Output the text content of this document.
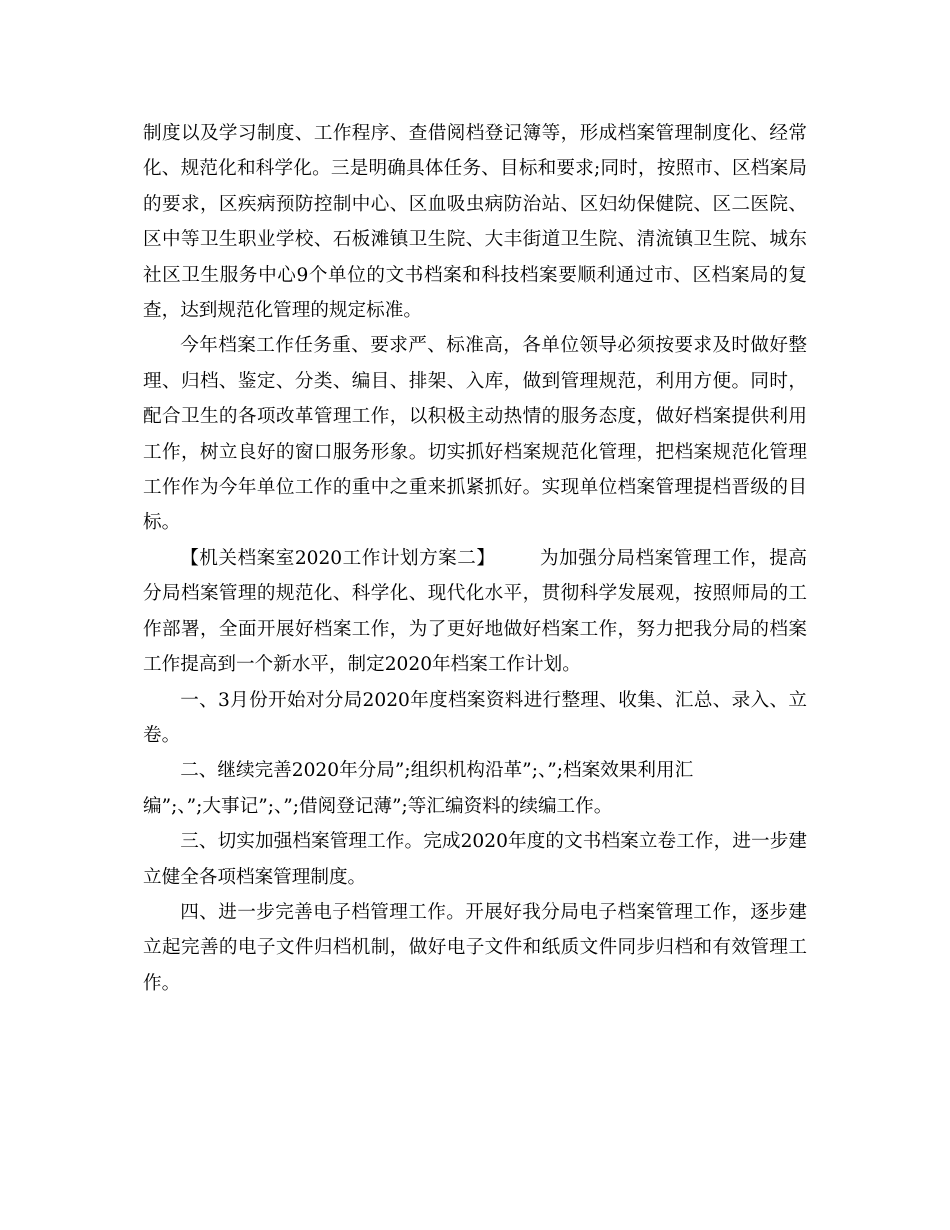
制度以及学习制度、工作程序、查借阅档登记簿等，形成档案管理制度化、经常化、规范化和科学化。三是明确具体任务、目标和要求;同时，按照市、区档案局的要求，区疾病预防控制中心、区血吸虫病防治站、区妇幼保健院、区二医院、区中等卫生职业学校、石板滩镇卫生院、大丰街道卫生院、清流镇卫生院、城东社区卫生服务中心9个单位的文书档案和科技档案要顺利通过市、区档案局的复查，达到规范化管理的规定标准。

今年档案工作任务重、要求严、标准高，各单位领导必须按要求及时做好整理、归档、鉴定、分类、编目、排架、入库，做到管理规范，利用方便。同时，配合卫生的各项改革管理工作，以积极主动热情的服务态度，做好档案提供利用工作，树立良好的窗口服务形象。切实抓好档案规范化管理，把档案规范化管理工作作为今年单位工作的重中之重来抓紧抓好。实现单位档案管理提档晋级的目标。

【机关档案室2020工作计划方案二】 为加强分局档案管理工作，提高分局档案管理的规范化、科学化、现代化水平，贯彻科学发展观，按照师局的工作部署，全面开展好档案工作，为了更好地做好档案工作，努力把我分局的档案工作提高到一个新水平，制定2020年档案工作计划。

一、3月份开始对分局2020年度档案资料进行整理、收集、汇总、录入、立卷。

二、继续完善2020年分局”;组织机构沿革”;、”;档案效果利用汇
编”;、”;大事记”;、”;借阅登记薄”;等汇编资料的续编工作。

三、切实加强档案管理工作。完成2020年度的文书档案立卷工作，进一步建立健全各项档案管理制度。

四、进一步完善电子档管理工作。开展好我分局电子档案管理工作，逐步建立起完善的电子文件归档机制，做好电子文件和纸质文件同步归档和有效管理工作。
